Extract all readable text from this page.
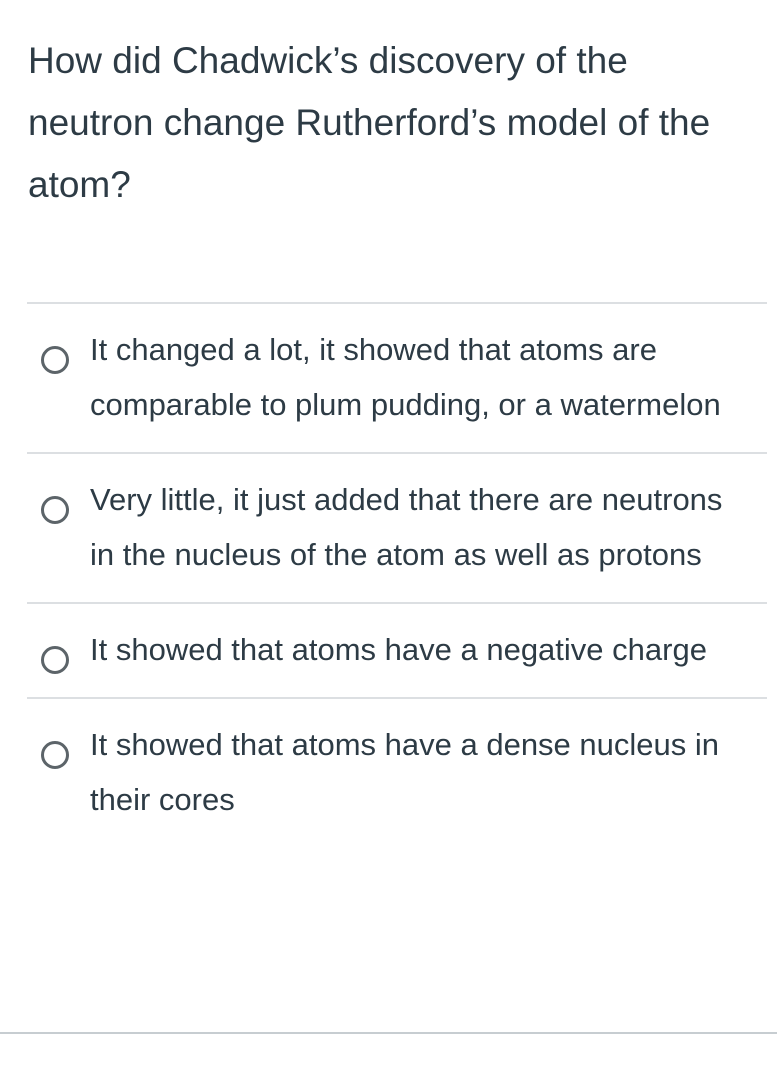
How did Chadwick’s discovery of the neutron change Rutherford’s model of the atom?
It changed a lot, it showed that atoms are comparable to plum pudding, or a watermelon
Very little, it just added that there are neutrons in the nucleus of the atom as well as protons
It showed that atoms have a negative charge
It showed that atoms have a dense nucleus in their cores
